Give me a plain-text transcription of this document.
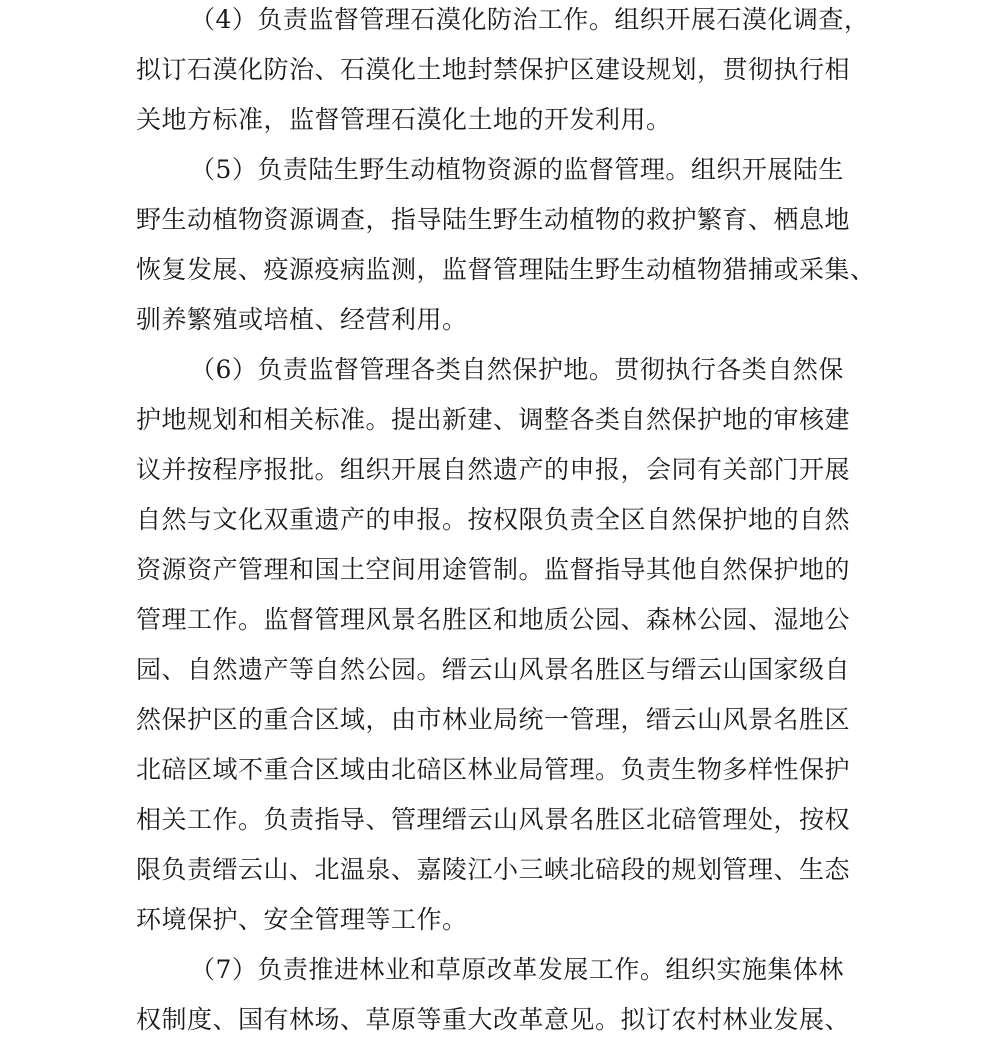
（4）负责监督管理石漠化防治工作。组织开展石漠化调查，
拟订石漠化防治、石漠化土地封禁保护区建设规划，贯彻执行相
关地方标准，监督管理石漠化土地的开发利用。
（5）负责陆生野生动植物资源的监督管理。组织开展陆生
野生动植物资源调查，指导陆生野生动植物的救护繁育、栖息地
恢复发展、疫源疫病监测，监督管理陆生野生动植物猎捕或采集、
驯养繁殖或培植、经营利用。
（6）负责监督管理各类自然保护地。贯彻执行各类自然保
护地规划和相关标准。提出新建、调整各类自然保护地的审核建
议并按程序报批。组织开展自然遗产的申报，会同有关部门开展
自然与文化双重遗产的申报。按权限负责全区自然保护地的自然
资源资产管理和国土空间用途管制。监督指导其他自然保护地的
管理工作。监督管理风景名胜区和地质公园、森林公园、湿地公
园、自然遗产等自然公园。缙云山风景名胜区与缙云山国家级自
然保护区的重合区域，由市林业局统一管理，缙云山风景名胜区
北碚区域不重合区域由北碚区林业局管理。负责生物多样性保护
相关工作。负责指导、管理缙云山风景名胜区北碚管理处，按权
限负责缙云山、北温泉、嘉陵江小三峡北碚段的规划管理、生态
环境保护、安全管理等工作。
（7）负责推进林业和草原改革发展工作。组织实施集体林
权制度、国有林场、草原等重大改革意见。拟订农村林业发展、
